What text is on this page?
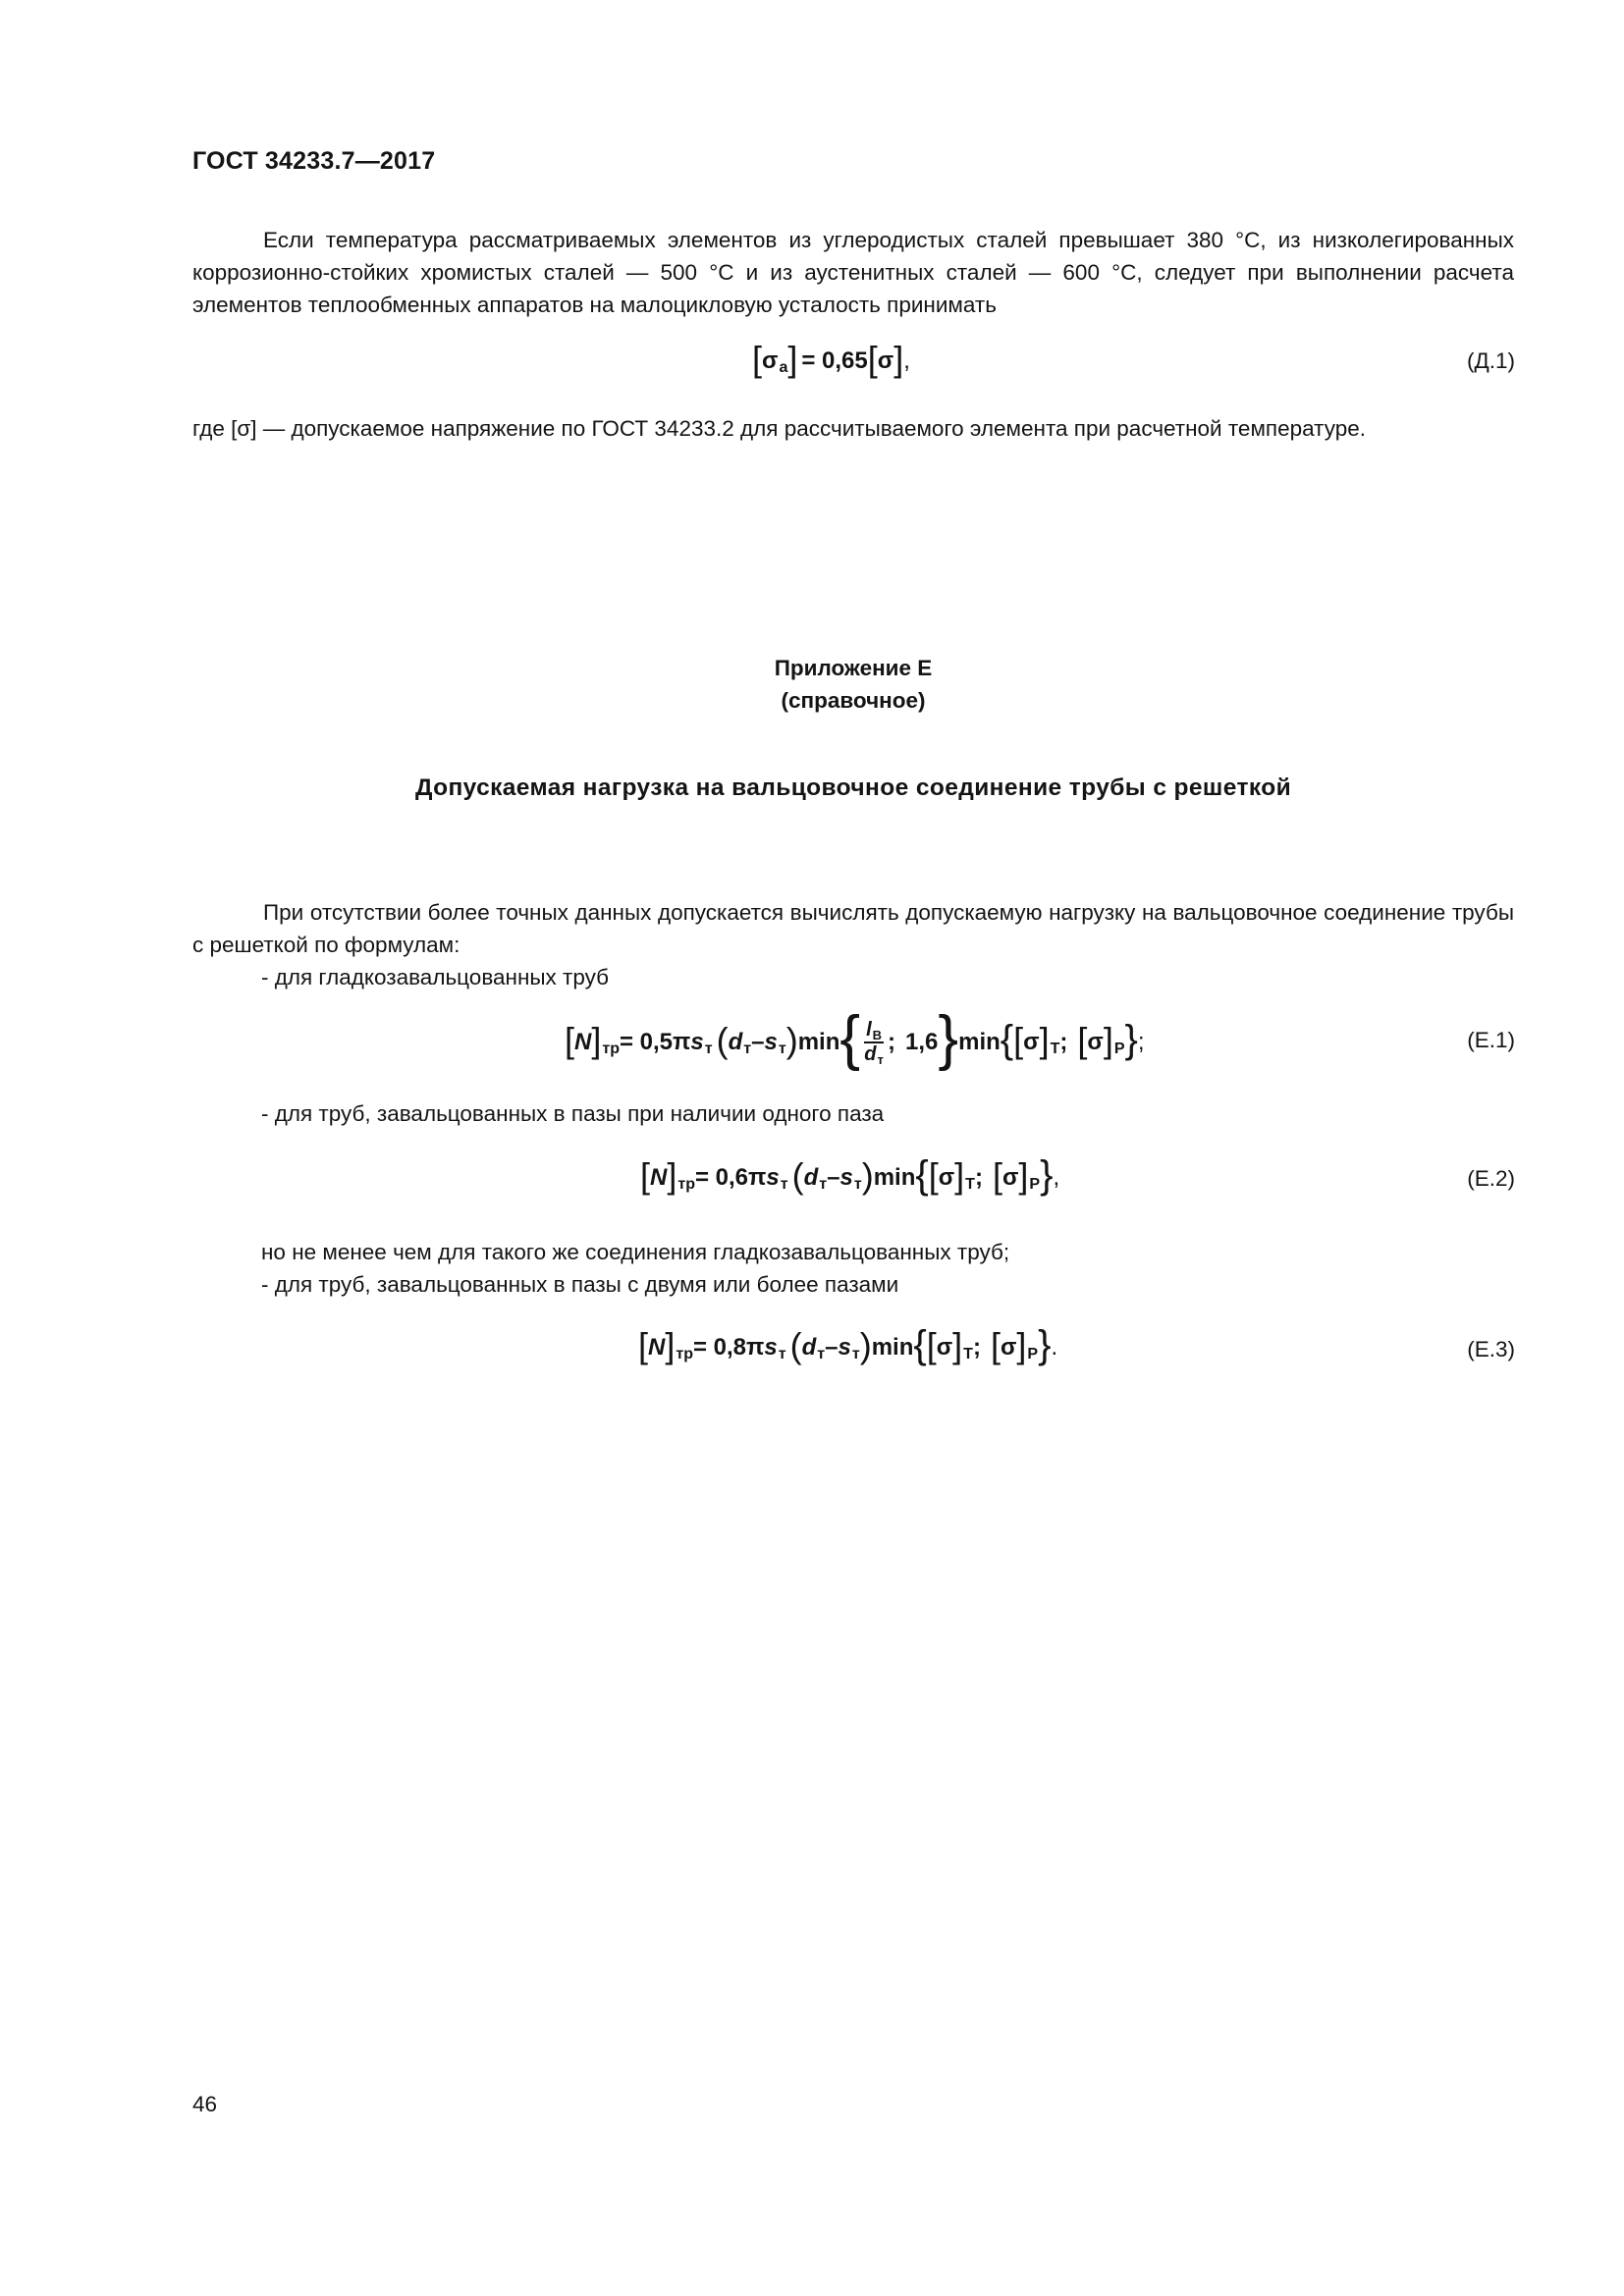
ГОСТ 34233.7—2017

Если температура рассматриваемых элементов из углеродистых сталей превышает 380 °C, из низколегированных коррозионно-стойких хромистых сталей — 500 °C и из аустенитных сталей — 600 °C, следует при выполнении расчета элементов теплообменных аппаратов на малоцикловую усталость принимать

[ σ a ] = 0,65 [ σ ] ,	(Д.1)

где [σ] — допускаемое напряжение по ГОСТ 34233.2 для рассчитываемого элемента при расчетной температуре.

Приложение Е
(справочное)
Допускаемая нагрузка на вальцовочное соединение трубы с решеткой

При отсутствии более точных данных допускается вычислять допускаемую нагрузку на вальцовочное соединение трубы с решеткой по формулам:

- для гладкозавальцованных труб
[ N ] тр = 0,5 π s т ( d т – s т ) min { $\frac{l_В}{d_т}$ ; 1,6 } min { [ σ ] Т ; [ σ ] Р } ;	(Е.1)
- для труб, завальцованных в пазы при наличии одного паза
[ N ] тр = 0,6 π s т ( d т – s т ) min { [ σ ] Т ; [ σ ] Р } ,	(Е.2)

но не менее чем для такого же соединения гладкозавальцованных труб;

- для труб, завальцованных в пазы с двумя или более пазами
[ N ] тр = 0,8 π s т ( d т – s т ) min { [ σ ] Т ; [ σ ] Р } .	(Е.3)
46
